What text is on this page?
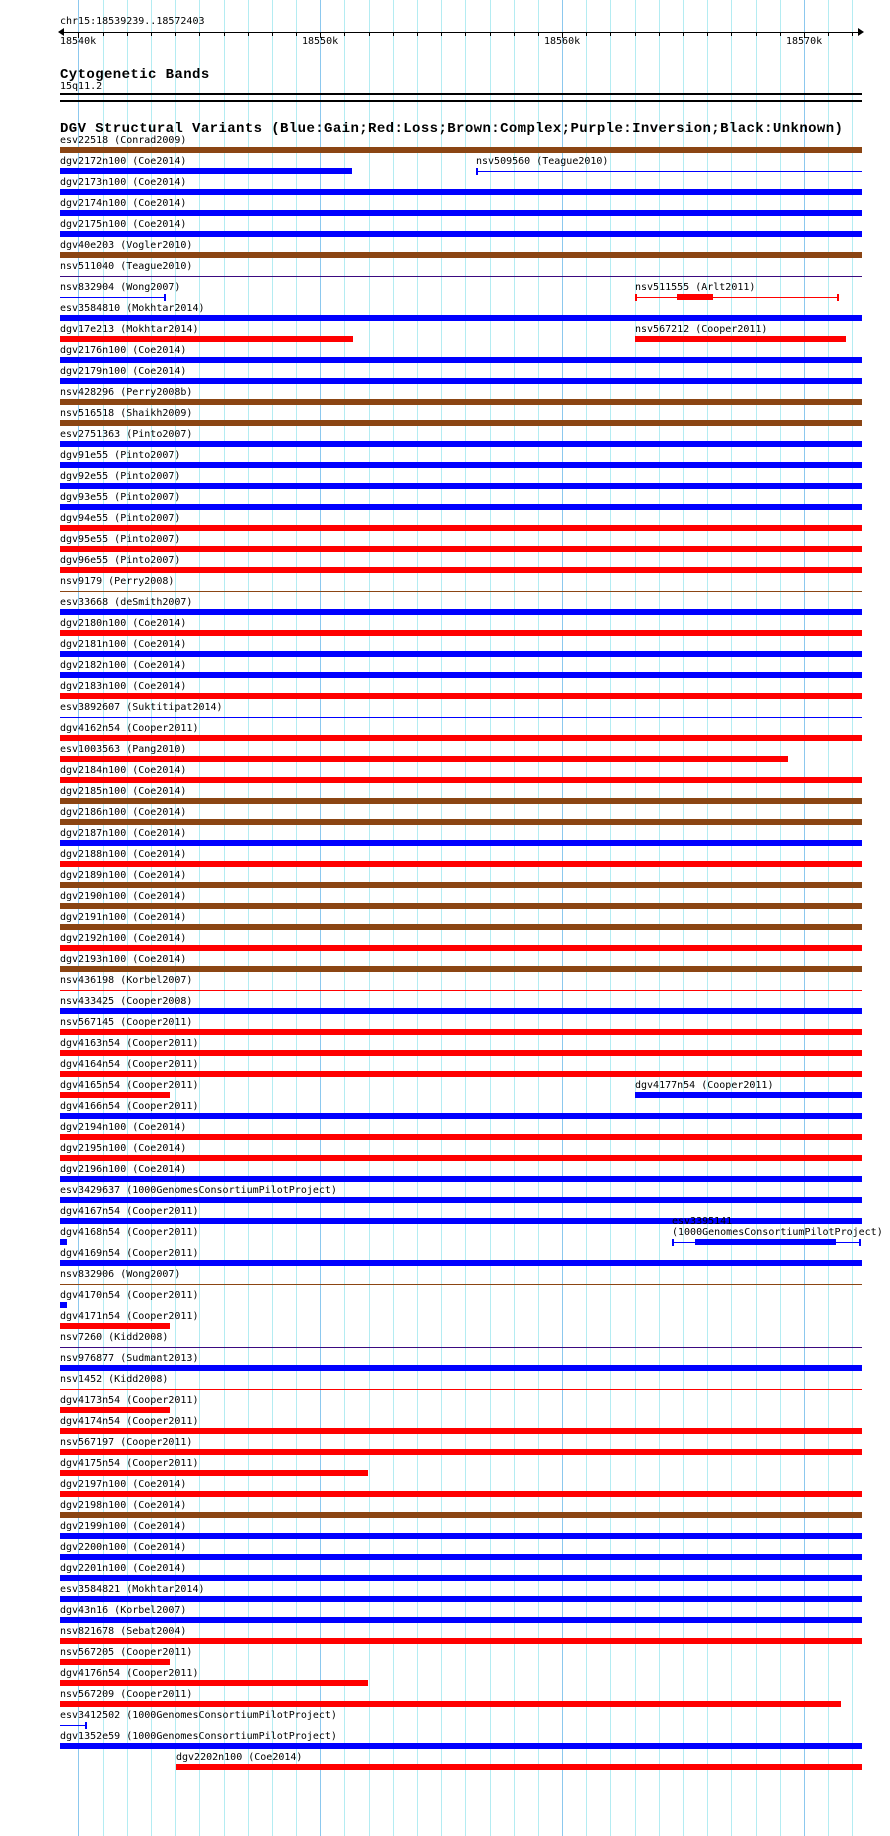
chr15:18539239..18572403
18540k	18550k	18560k	18570k
Cytogenetic Bands
15q11.2
DGV Structural Variants (Blue:Gain;Red:Loss;Brown:Complex;Purple:Inversion;Black:Unknown)
esv22518 (Conrad2009)
dgv2172n100 (Coe2014)	nsv509560 (Teague2010)
dgv2173n100 (Coe2014)
dgv2174n100 (Coe2014)
dgv2175n100 (Coe2014)
dgv40e203 (Vogler2010)
nsv511040 (Teague2010)
nsv832904 (Wong2007)	nsv511555 (Arlt2011)
esv3584810 (Mokhtar2014)
dgv17e213 (Mokhtar2014)	nsv567212 (Cooper2011)
dgv2176n100 (Coe2014)
dgv2179n100 (Coe2014)
nsv428296 (Perry2008b)
nsv516518 (Shaikh2009)
esv2751363 (Pinto2007)
dgv91e55 (Pinto2007)
dgv92e55 (Pinto2007)
dgv93e55 (Pinto2007)
dgv94e55 (Pinto2007)
dgv95e55 (Pinto2007)
dgv96e55 (Pinto2007)
nsv9179 (Perry2008)
esv33668 (deSmith2007)
dgv2180n100 (Coe2014)
dgv2181n100 (Coe2014)
dgv2182n100 (Coe2014)
dgv2183n100 (Coe2014)
esv3892607 (Suktitipat2014)
dgv4162n54 (Cooper2011)
esv1003563 (Pang2010)
dgv2184n100 (Coe2014)
dgv2185n100 (Coe2014)
dgv2186n100 (Coe2014)
dgv2187n100 (Coe2014)
dgv2188n100 (Coe2014)
dgv2189n100 (Coe2014)
dgv2190n100 (Coe2014)
dgv2191n100 (Coe2014)
dgv2192n100 (Coe2014)
dgv2193n100 (Coe2014)
nsv436198 (Korbel2007)
nsv433425 (Cooper2008)
nsv567145 (Cooper2011)
dgv4163n54 (Cooper2011)
dgv4164n54 (Cooper2011)
dgv4165n54 (Cooper2011)	dgv4177n54 (Cooper2011)
dgv4166n54 (Cooper2011)
dgv2194n100 (Coe2014)
dgv2195n100 (Coe2014)
dgv2196n100 (Coe2014)
esv3429637 (1000GenomesConsortiumPilotProject)
dgv4167n54 (Cooper2011)
dgv4168n54 (Cooper2011)
esv3395141 (1000GenomesConsortiumPilotProject)
dgv4169n54 (Cooper2011)
nsv832906 (Wong2007)
dgv4170n54 (Cooper2011)
dgv4171n54 (Cooper2011)
nsv7260 (Kidd2008)
nsv976877 (Sudmant2013)
nsv1452 (Kidd2008)
dgv4173n54 (Cooper2011)
dgv4174n54 (Cooper2011)
nsv567197 (Cooper2011)
dgv4175n54 (Cooper2011)
dgv2197n100 (Coe2014)
dgv2198n100 (Coe2014)
dgv2199n100 (Coe2014)
dgv2200n100 (Coe2014)
dgv2201n100 (Coe2014)
esv3584821 (Mokhtar2014)
dgv43n16 (Korbel2007)
nsv821678 (Sebat2004)
nsv567205 (Cooper2011)
dgv4176n54 (Cooper2011)
nsv567209 (Cooper2011)
esv3412502 (1000GenomesConsortiumPilotProject)
dgv1352e59 (1000GenomesConsortiumPilotProject)
dgv2202n100 (Coe2014)
